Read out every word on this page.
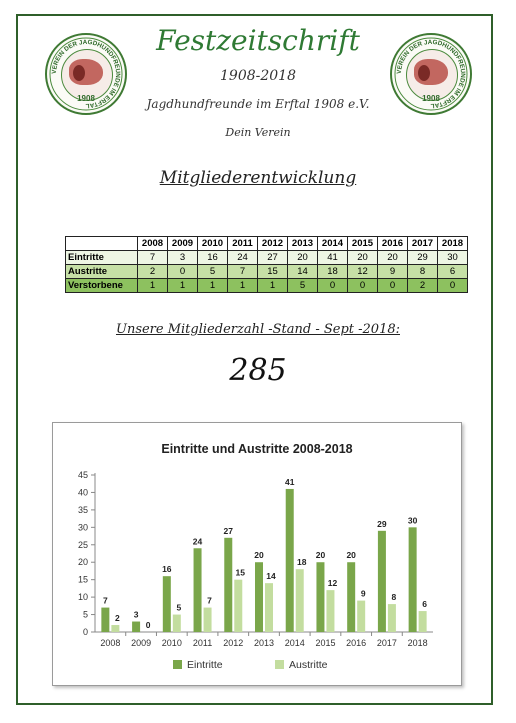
VEREIN DER JAGDHUNDFREUNDE IM ERFTAL
1908
VEREIN DER JAGDHUNDFREUNDE IM ERFTAL
1908
Festzeitschrift
1908-2018
Jagdhundfreunde im Erftal 1908 e.V.
Dein Verein
Mitgliederentwicklung
	2008	2009	2010	2011	2012	2013	2014	2015	2016	2017	2018
Eintritte	7	3	16	24	27	20	41	20	20	29	30
Austritte	2	0	5	7	15	14	18	12	9	8	6
Verstorbene	1	1	1	1	1	5	0	0	0	2	0
Unsere Mitgliederzahl -Stand - Sept -2018:
285
Eintritte und Austritte 2008-2018
0
5
10
15
20
25
30
35
40
45
2008
7
2
2009
3
0
2010
16
5
2011
24
7
2012
27
15
2013
20
14
2014
41
18
2015
20
12
2016
20
9
2017
29
8
2018
30
6
Eintritte	Austritte
